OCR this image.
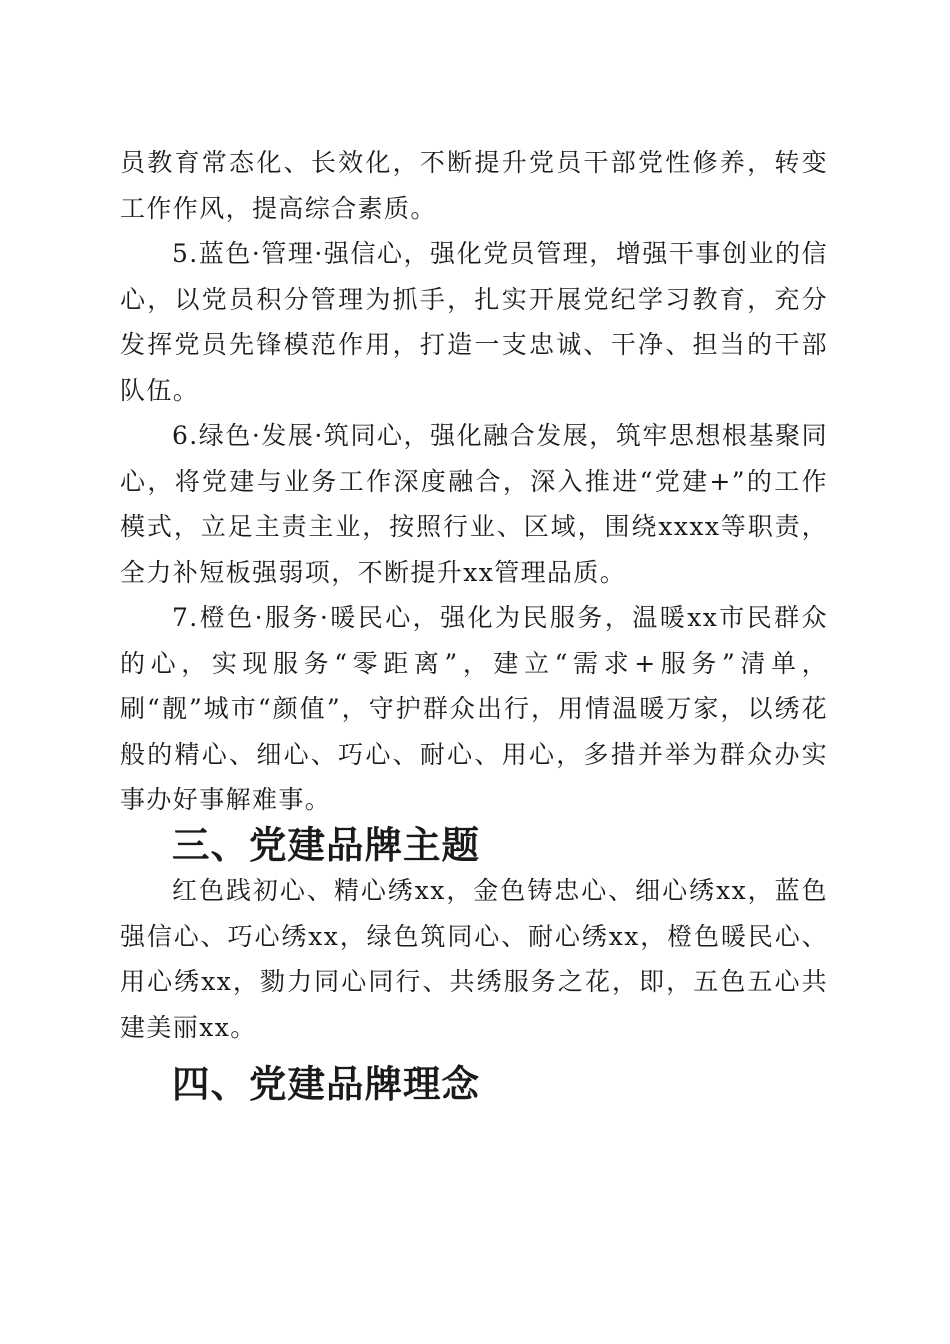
员教育常态化、长效化，不断提升党员干部党性修养，转变工作作风，提高综合素质。

5.蓝色·管理·强信心，强化党员管理，增强干事创业的信心，以党员积分管理为抓手，扎实开展党纪学习教育，充分发挥党员先锋模范作用，打造一支忠诚、干净、担当的干部队伍。

6.绿色·发展·筑同心，强化融合发展，筑牢思想根基聚同心，将党建与业务工作深度融合，深入推进“党建+”的工作模式，立足主责主业，按照行业、区域，围绕xxxx等职责，全力补短板强弱项，不断提升xx管理品质。

7.橙色·服务·暖民心，强化为民服务，温暖xx市民群众的心，实现服务“零距离”，建立“需求+服务”清单，刷“靓”城市“颜值”，守护群众出行，用情温暖万家，以绣花般的精心、细心、巧心、耐心、用心，多措并举为群众办实事办好事解难事。

三、党建品牌主题

红色践初心、精心绣xx，金色铸忠心、细心绣xx，蓝色强信心、巧心绣xx，绿色筑同心、耐心绣xx，橙色暖民心、用心绣xx，勠力同心同行、共绣服务之花，即，五色五心共建美丽xx。

四、党建品牌理念
